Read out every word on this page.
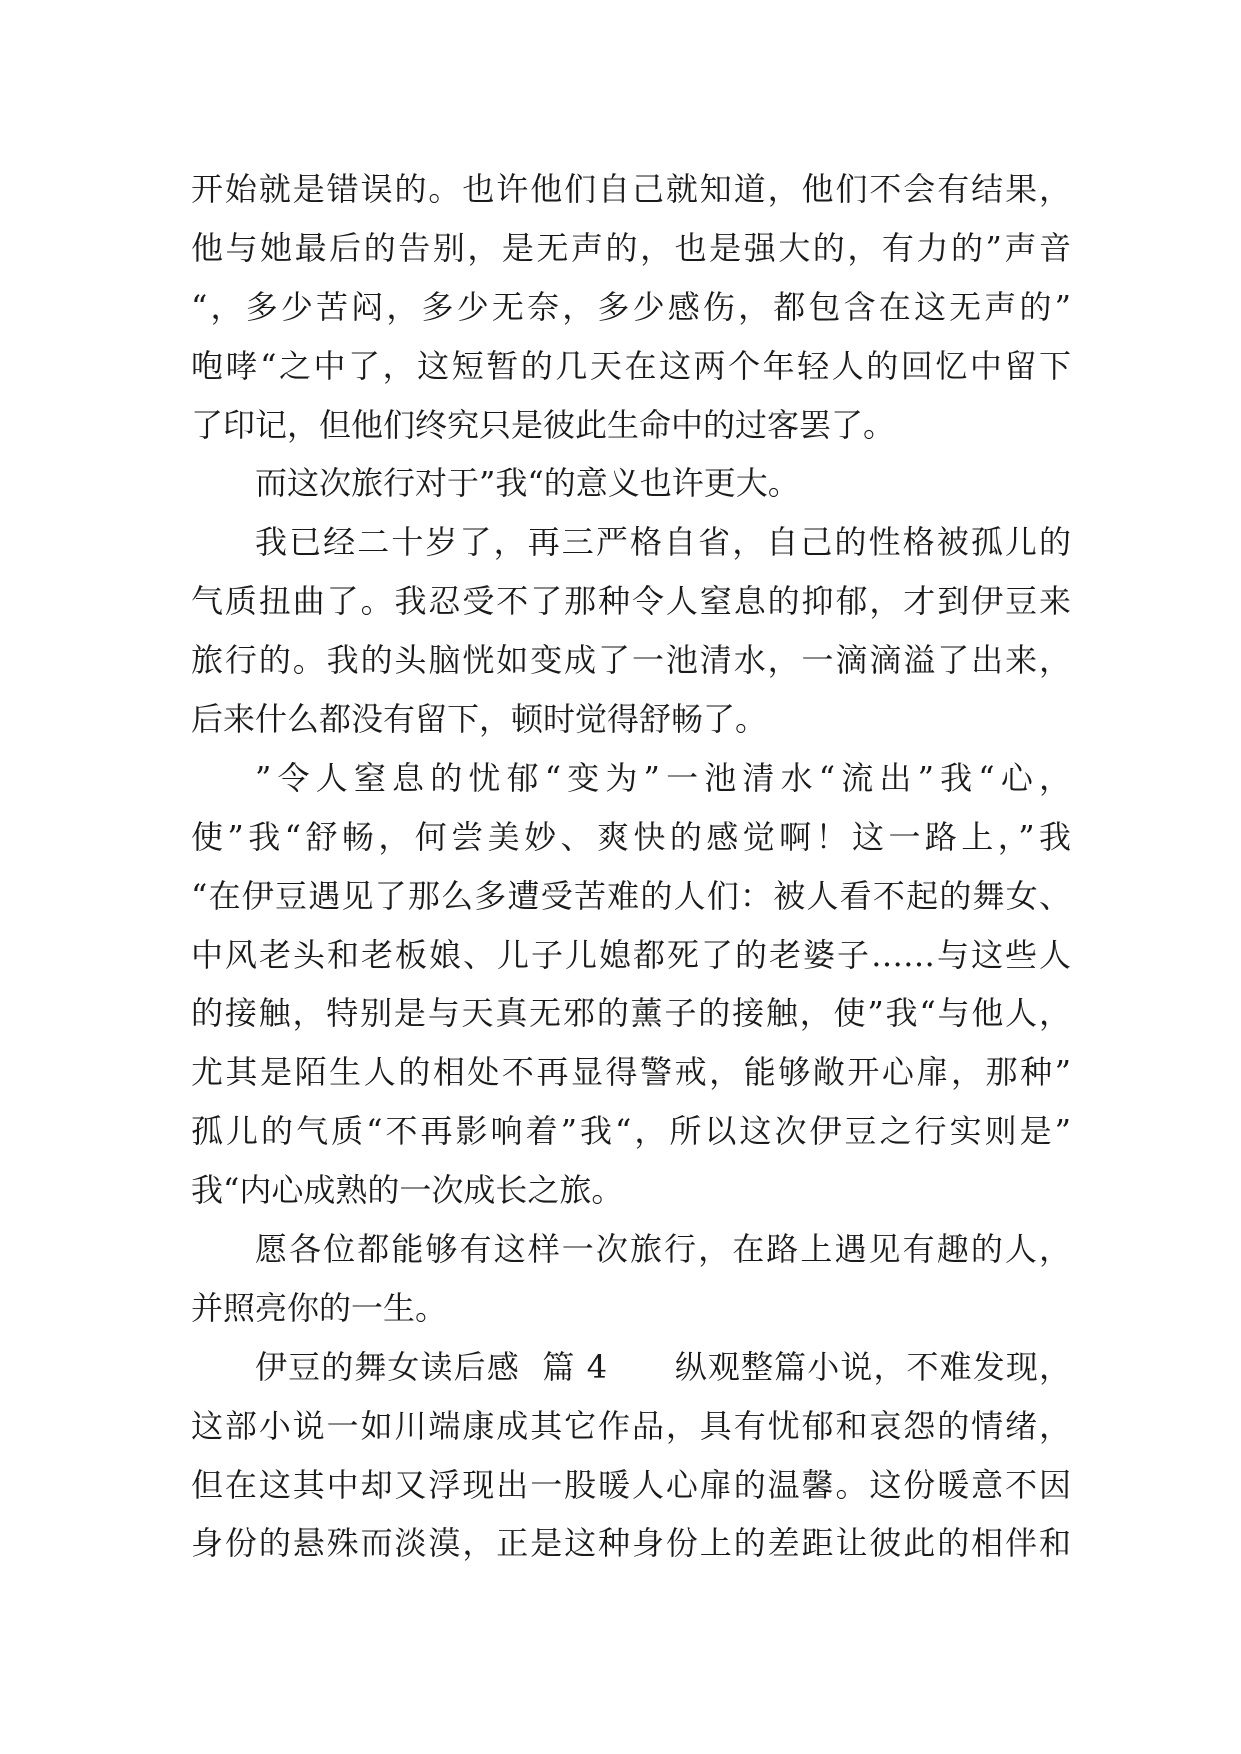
开始就是错误的。也许他们自己就知道，他们不会有结果，
他与她最后的告别，是无声的，也是强大的，有力的”声音
“，多少苦闷，多少无奈，多少感伤，都包含在这无声的”
咆哮“之中了，这短暂的几天在这两个年轻人的回忆中留下
了印记，但他们终究只是彼此生命中的过客罢了。
而这次旅行对于”我“的意义也许更大。
我已经二十岁了，再三严格自省，自己的性格被孤儿的
气质扭曲了。我忍受不了那种令人窒息的抑郁，才到伊豆来
旅行的。我的头脑恍如变成了一池清水，一滴滴溢了出来，
后来什么都没有留下，顿时觉得舒畅了。
”令人窒息的忧郁“变为”一池清水“流出”我“心，
使”我“舒畅，何尝美妙、爽快的感觉啊！这一路上，”我
“在伊豆遇见了那么多遭受苦难的人们：被人看不起的舞女、
中风老头和老板娘、儿子儿媳都死了的老婆子……与这些人
的接触，特别是与天真无邪的薰子的接触，使”我“与他人，
尤其是陌生人的相处不再显得警戒，能够敞开心扉，那种”
孤儿的气质“不再影响着”我“，所以这次伊豆之行实则是”
我“内心成熟的一次成长之旅。
愿各位都能够有这样一次旅行，在路上遇见有趣的人，
并照亮你的一生。
伊豆的舞女读后感  篇 4      纵观整篇小说，不难发现，
这部小说一如川端康成其它作品，具有忧郁和哀怨的情绪，
但在这其中却又浮现出一股暖人心扉的温馨。这份暖意不因
身份的悬殊而淡漠，正是这种身份上的差距让彼此的相伴和
